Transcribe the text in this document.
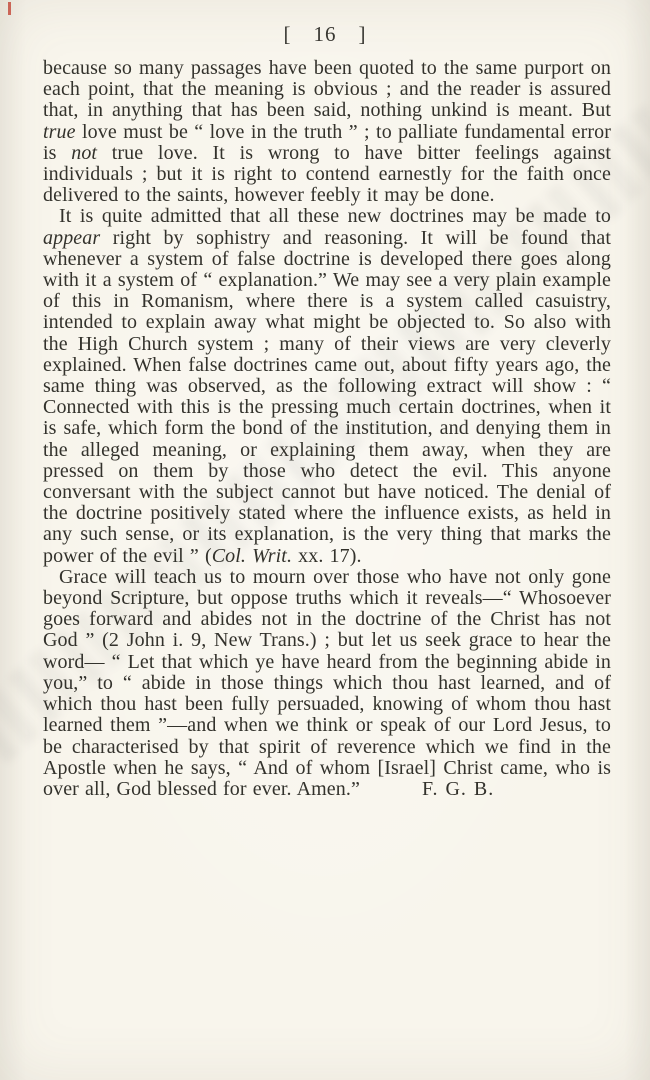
[ 16 ]

because so many passages have been quoted to the same purport on each point, that the meaning is obvious ; and the reader is assured that, in anything that has been said, nothing unkind is meant. But true love must be “ love in the truth ” ; to palliate fundamental error is not true love. It is wrong to have bitter feelings against individuals ; but it is right to contend earnestly for the faith once delivered to the saints, however feebly it may be done.

It is quite admitted that all these new doctrines may be made to appear right by sophistry and reasoning. It will be found that whenever a system of false doctrine is developed there goes along with it a system of “ explanation.” We may see a very plain example of this in Romanism, where there is a system called casuistry, intended to explain away what might be objected to. So also with the High Church system ; many of their views are very cleverly explained. When false doctrines came out, about fifty years ago, the same thing was observed, as the following extract will show : “ Connected with this is the pressing much certain doctrines, when it is safe, which form the bond of the institution, and denying them in the alleged meaning, or explaining them away, when they are pressed on them by those who detect the evil. This anyone conversant with the subject cannot but have noticed. The denial of the doctrine positively stated where the influence exists, as held in any such sense, or its explanation, is the very thing that marks the power of the evil ” (Col. Writ. xx. 17).

Grace will teach us to mourn over those who have not only gone beyond Scripture, but oppose truths which it reveals—“ Whosoever goes forward and abides not in the doctrine of the Christ has not God ” (2 John i. 9, New Trans.) ; but let us seek grace to hear the word— “ Let that which ye have heard from the beginning abide in you,” to “ abide in those things which thou hast learned, and of which thou hast been fully persuaded, knowing of whom thou hast learned them ”—and when we think or speak of our Lord Jesus, to be characterised by that spirit of reverence which we find in the Apostle when he says, “ And of whom [Israel] Christ came, who is over all, God blessed for ever. Amen.”	F. G. B.
